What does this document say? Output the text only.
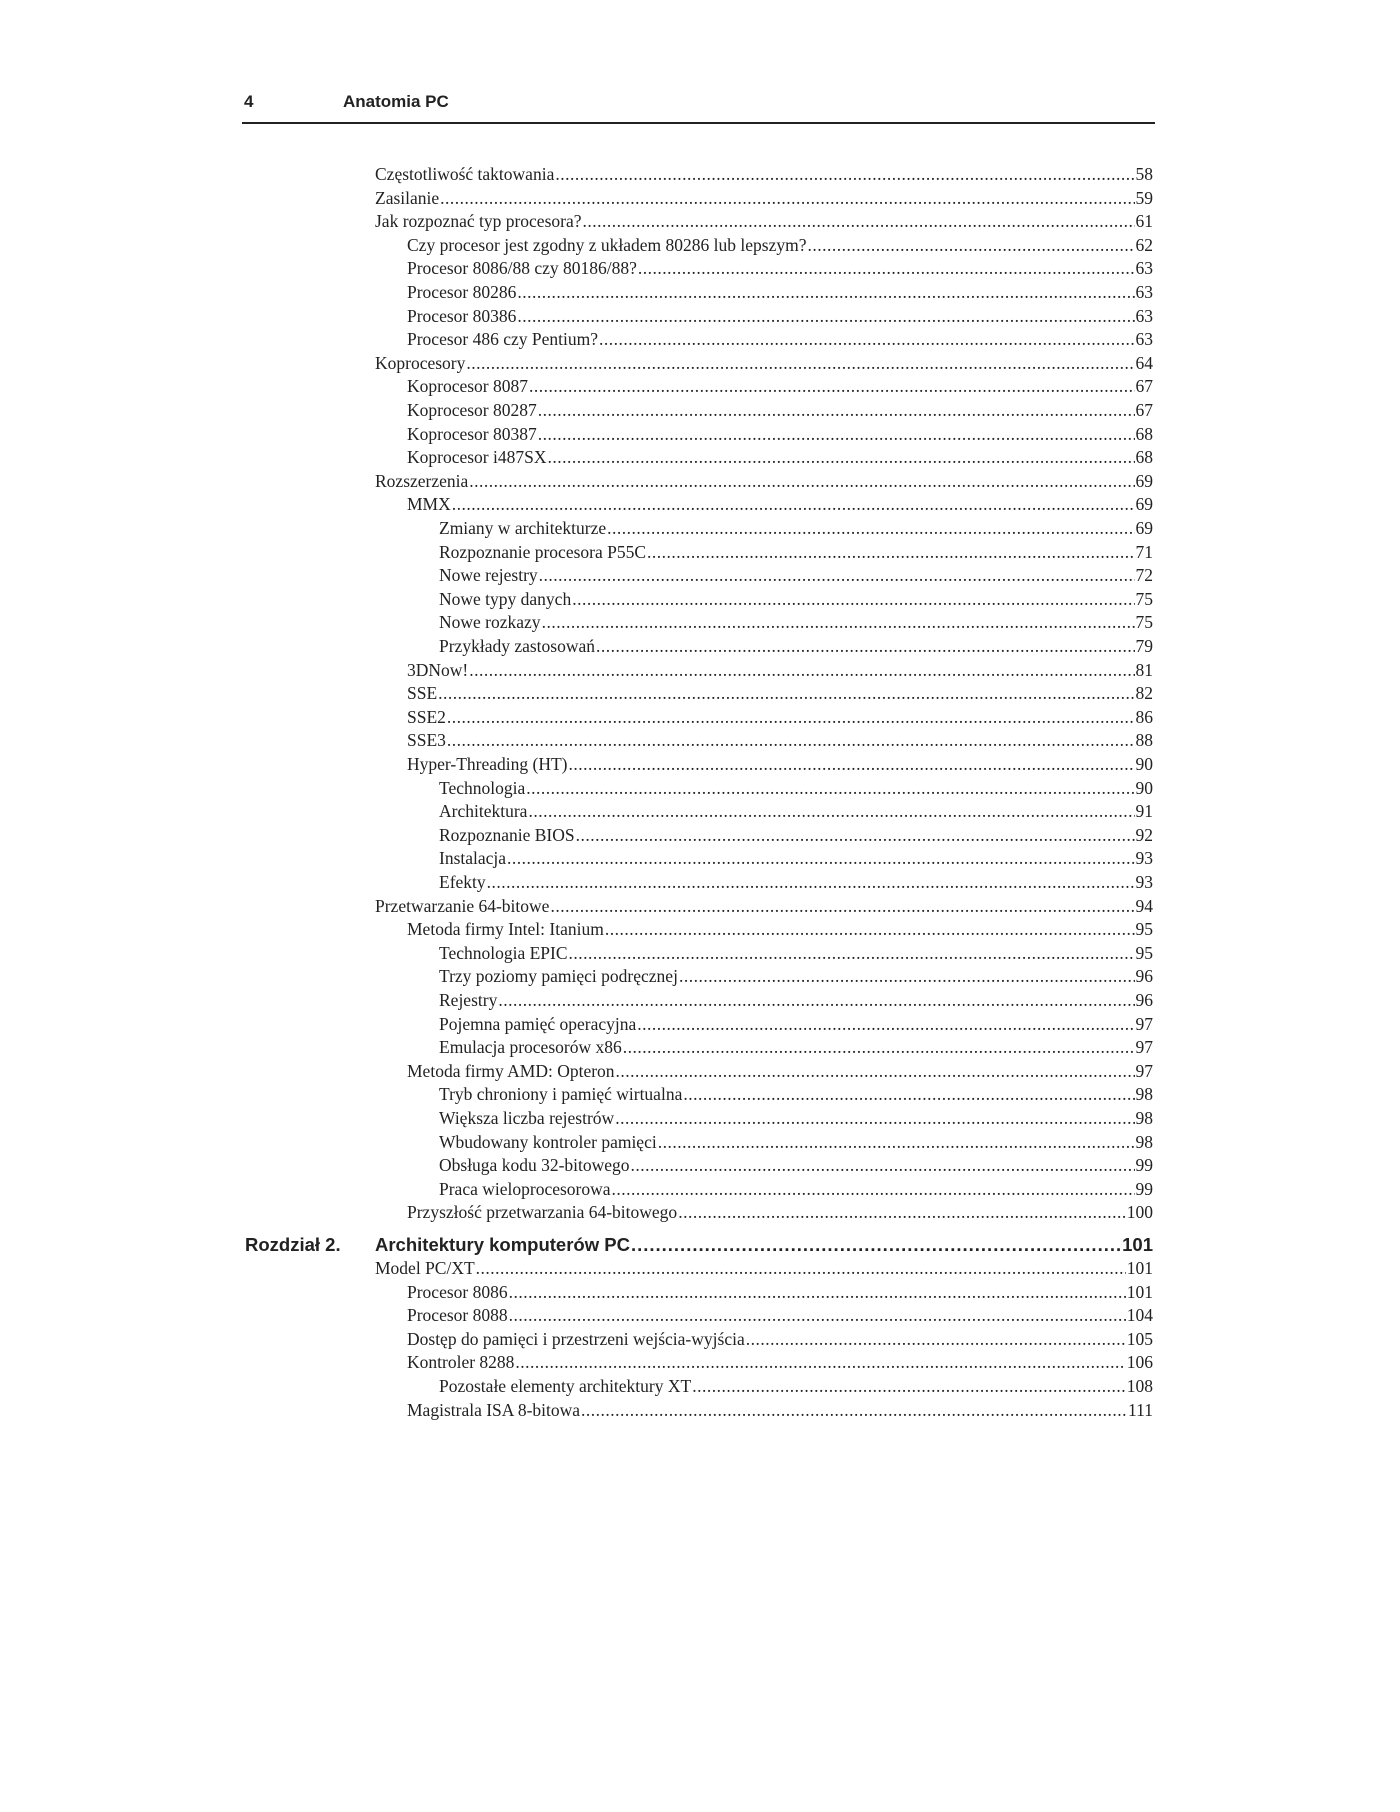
4	Anatomia PC
Częstotliwość taktowania .....	58
Zasilanie .....	59
Jak rozpoznać typ procesora? .....	61
Czy procesor jest zgodny z układem 80286 lub lepszym? .....	62
Procesor 8086/88 czy 80186/88? .....	63
Procesor 80286 .....	63
Procesor 80386 .....	63
Procesor 486 czy Pentium? .....	63
Koprocesory .....	64
Koprocesor 8087 .....	67
Koprocesor 80287 .....	67
Koprocesor 80387 .....	68
Koprocesor i487SX .....	68
Rozszerzenia .....	69
MMX .....	69
Zmiany w architekturze .....	69
Rozpoznanie procesora P55C .....	71
Nowe rejestry .....	72
Nowe typy danych .....	75
Nowe rozkazy .....	75
Przykłady zastosowań .....	79
3DNow! .....	81
SSE .....	82
SSE2 .....	86
SSE3 .....	88
Hyper-Threading (HT) .....	90
Technologia .....	90
Architektura .....	91
Rozpoznanie BIOS .....	92
Instalacja .....	93
Efekty .....	93
Przetwarzanie 64-bitowe .....	94
Metoda firmy Intel: Itanium .....	95
Technologia EPIC .....	95
Trzy poziomy pamięci podręcznej .....	96
Rejestry .....	96
Pojemna pamięć operacyjna .....	97
Emulacja procesorów x86 .....	97
Metoda firmy AMD: Opteron .....	97
Tryb chroniony i pamięć wirtualna .....	98
Większa liczba rejestrów .....	98
Wbudowany kontroler pamięci .....	98
Obsługa kodu 32-bitowego .....	99
Praca wieloprocesorowa .....	99
Przyszłość przetwarzania 64-bitowego .....	100
Rozdział 2. Architektury komputerów PC .....	101
Model PC/XT .....	101
Procesor 8086 .....	101
Procesor 8088 .....	104
Dostęp do pamięci i przestrzeni wejścia-wyjścia .....	105
Kontroler 8288 .....	106
Pozostałe elementy architektury XT .....	108
Magistrala ISA 8-bitowa .....	111
